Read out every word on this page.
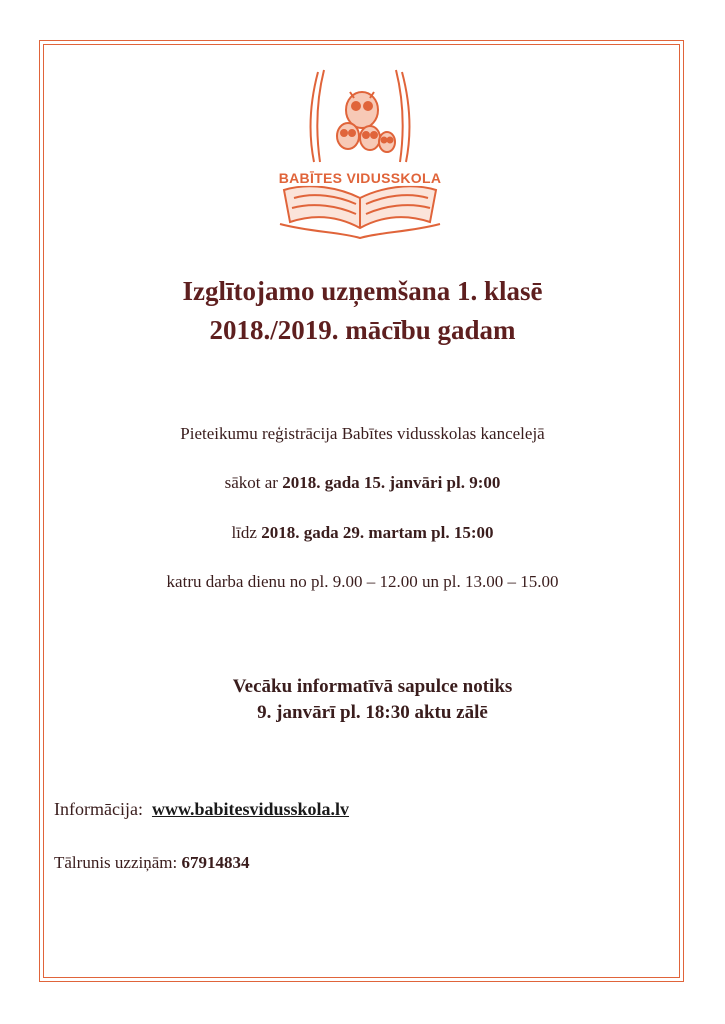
BABĪTES VIDUSSKOLA
Izglītojamo uzņemšana 1. klasē
2018./2019. mācību gadam
Pieteikumu reģistrācija Babītes vidusskolas kancelejā
sākot ar 2018. gada 15. janvāri pl. 9:00
līdz 2018. gada 29. martam pl. 15:00
katru darba dienu no pl. 9.00 – 12.00 un pl. 13.00 – 15.00
Vecāku informatīvā sapulce notiks
9. janvārī pl. 18:30 aktu zālē
Informācija: www.babitesvidusskola.lv
Tālrunis uzziņām: 67914834
